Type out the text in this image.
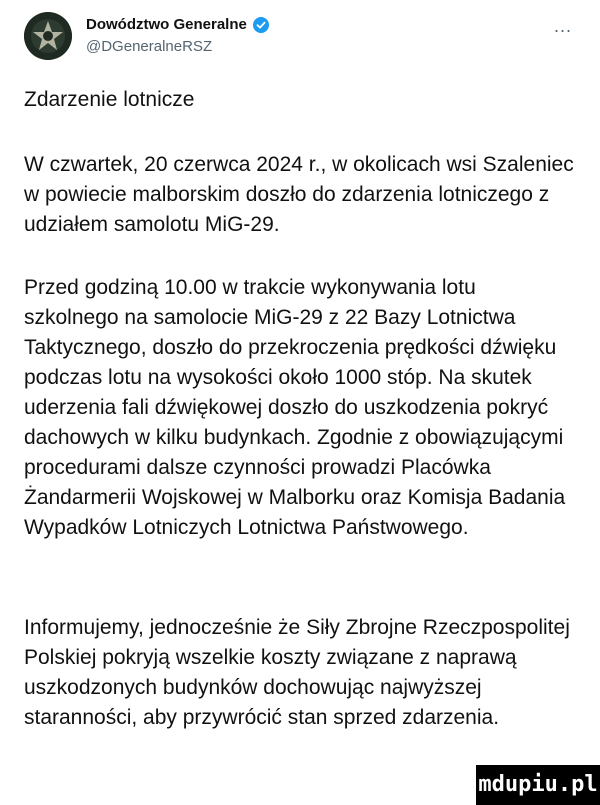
Dowództwo Generalne
@DGeneralneRSZ
...
Zdarzenie lotnicze

W czwartek, 20 czerwca 2024 r., w okolicach wsi Szaleniec w powiecie malborskim doszło do zdarzenia lotniczego z udziałem samolotu MiG-29.

Przed godziną 10.00 w trakcie wykonywania lotu szkolnego na samolocie MiG-29 z 22 Bazy Lotnictwa Taktycznego, doszło do przekroczenia prędkości dźwięku podczas lotu na wysokości około 1000 stóp. Na skutek uderzenia fali dźwiękowej doszło do uszkodzenia pokryć dachowych w kilku budynkach. Zgodnie z obowiązującymi procedurami dalsze czynności prowadzi Placówka Żandarmerii Wojskowej w Malborku oraz Komisja Badania Wypadków Lotniczych Lotnictwa Państwowego.

Informujemy, jednocześnie że Siły Zbrojne Rzeczpospolitej Polskiej pokryją wszelkie koszty związane z naprawą uszkodzonych budynków dochowując najwyższej staranności, aby przywrócić stan sprzed zdarzenia.

mdupiu.pl
